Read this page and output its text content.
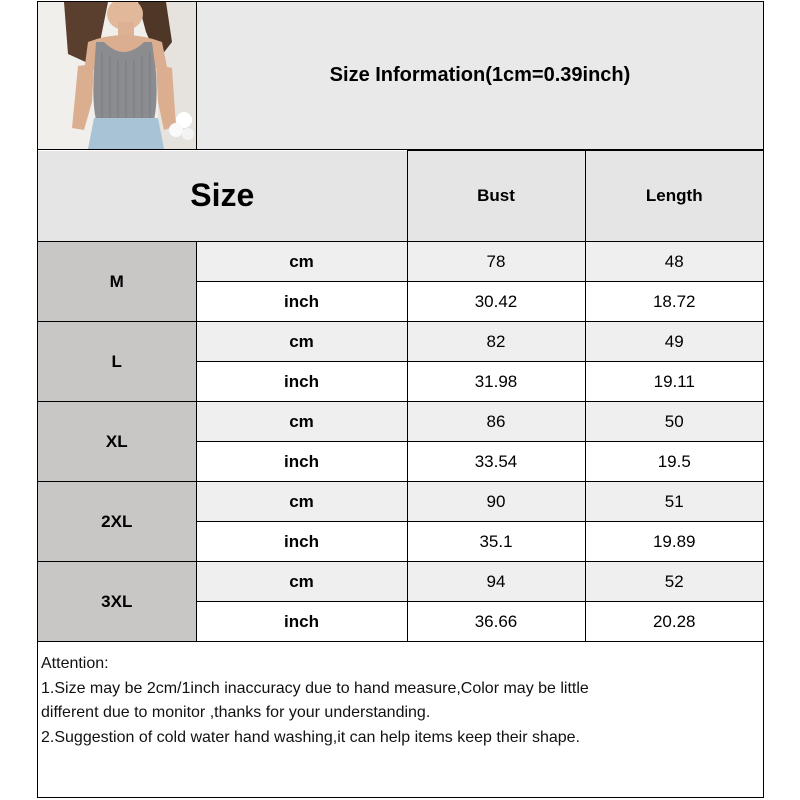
Size Information(1cm=0.39inch)
Size		Bust	Length
M	cm	78	48
	inch	30.42	18.72
L	cm	82	49
	inch	31.98	19.11
XL	cm	86	50
	inch	33.54	19.5
2XL	cm	90	51
	inch	35.1	19.89
3XL	cm	94	52
	inch	36.66	20.28
Attention:
1.Size may be 2cm/1inch inaccuracy due to hand measure,Color may be little
different due to monitor ,thanks for your understanding.
2.Suggestion of cold water hand washing,it can help items keep their shape.
